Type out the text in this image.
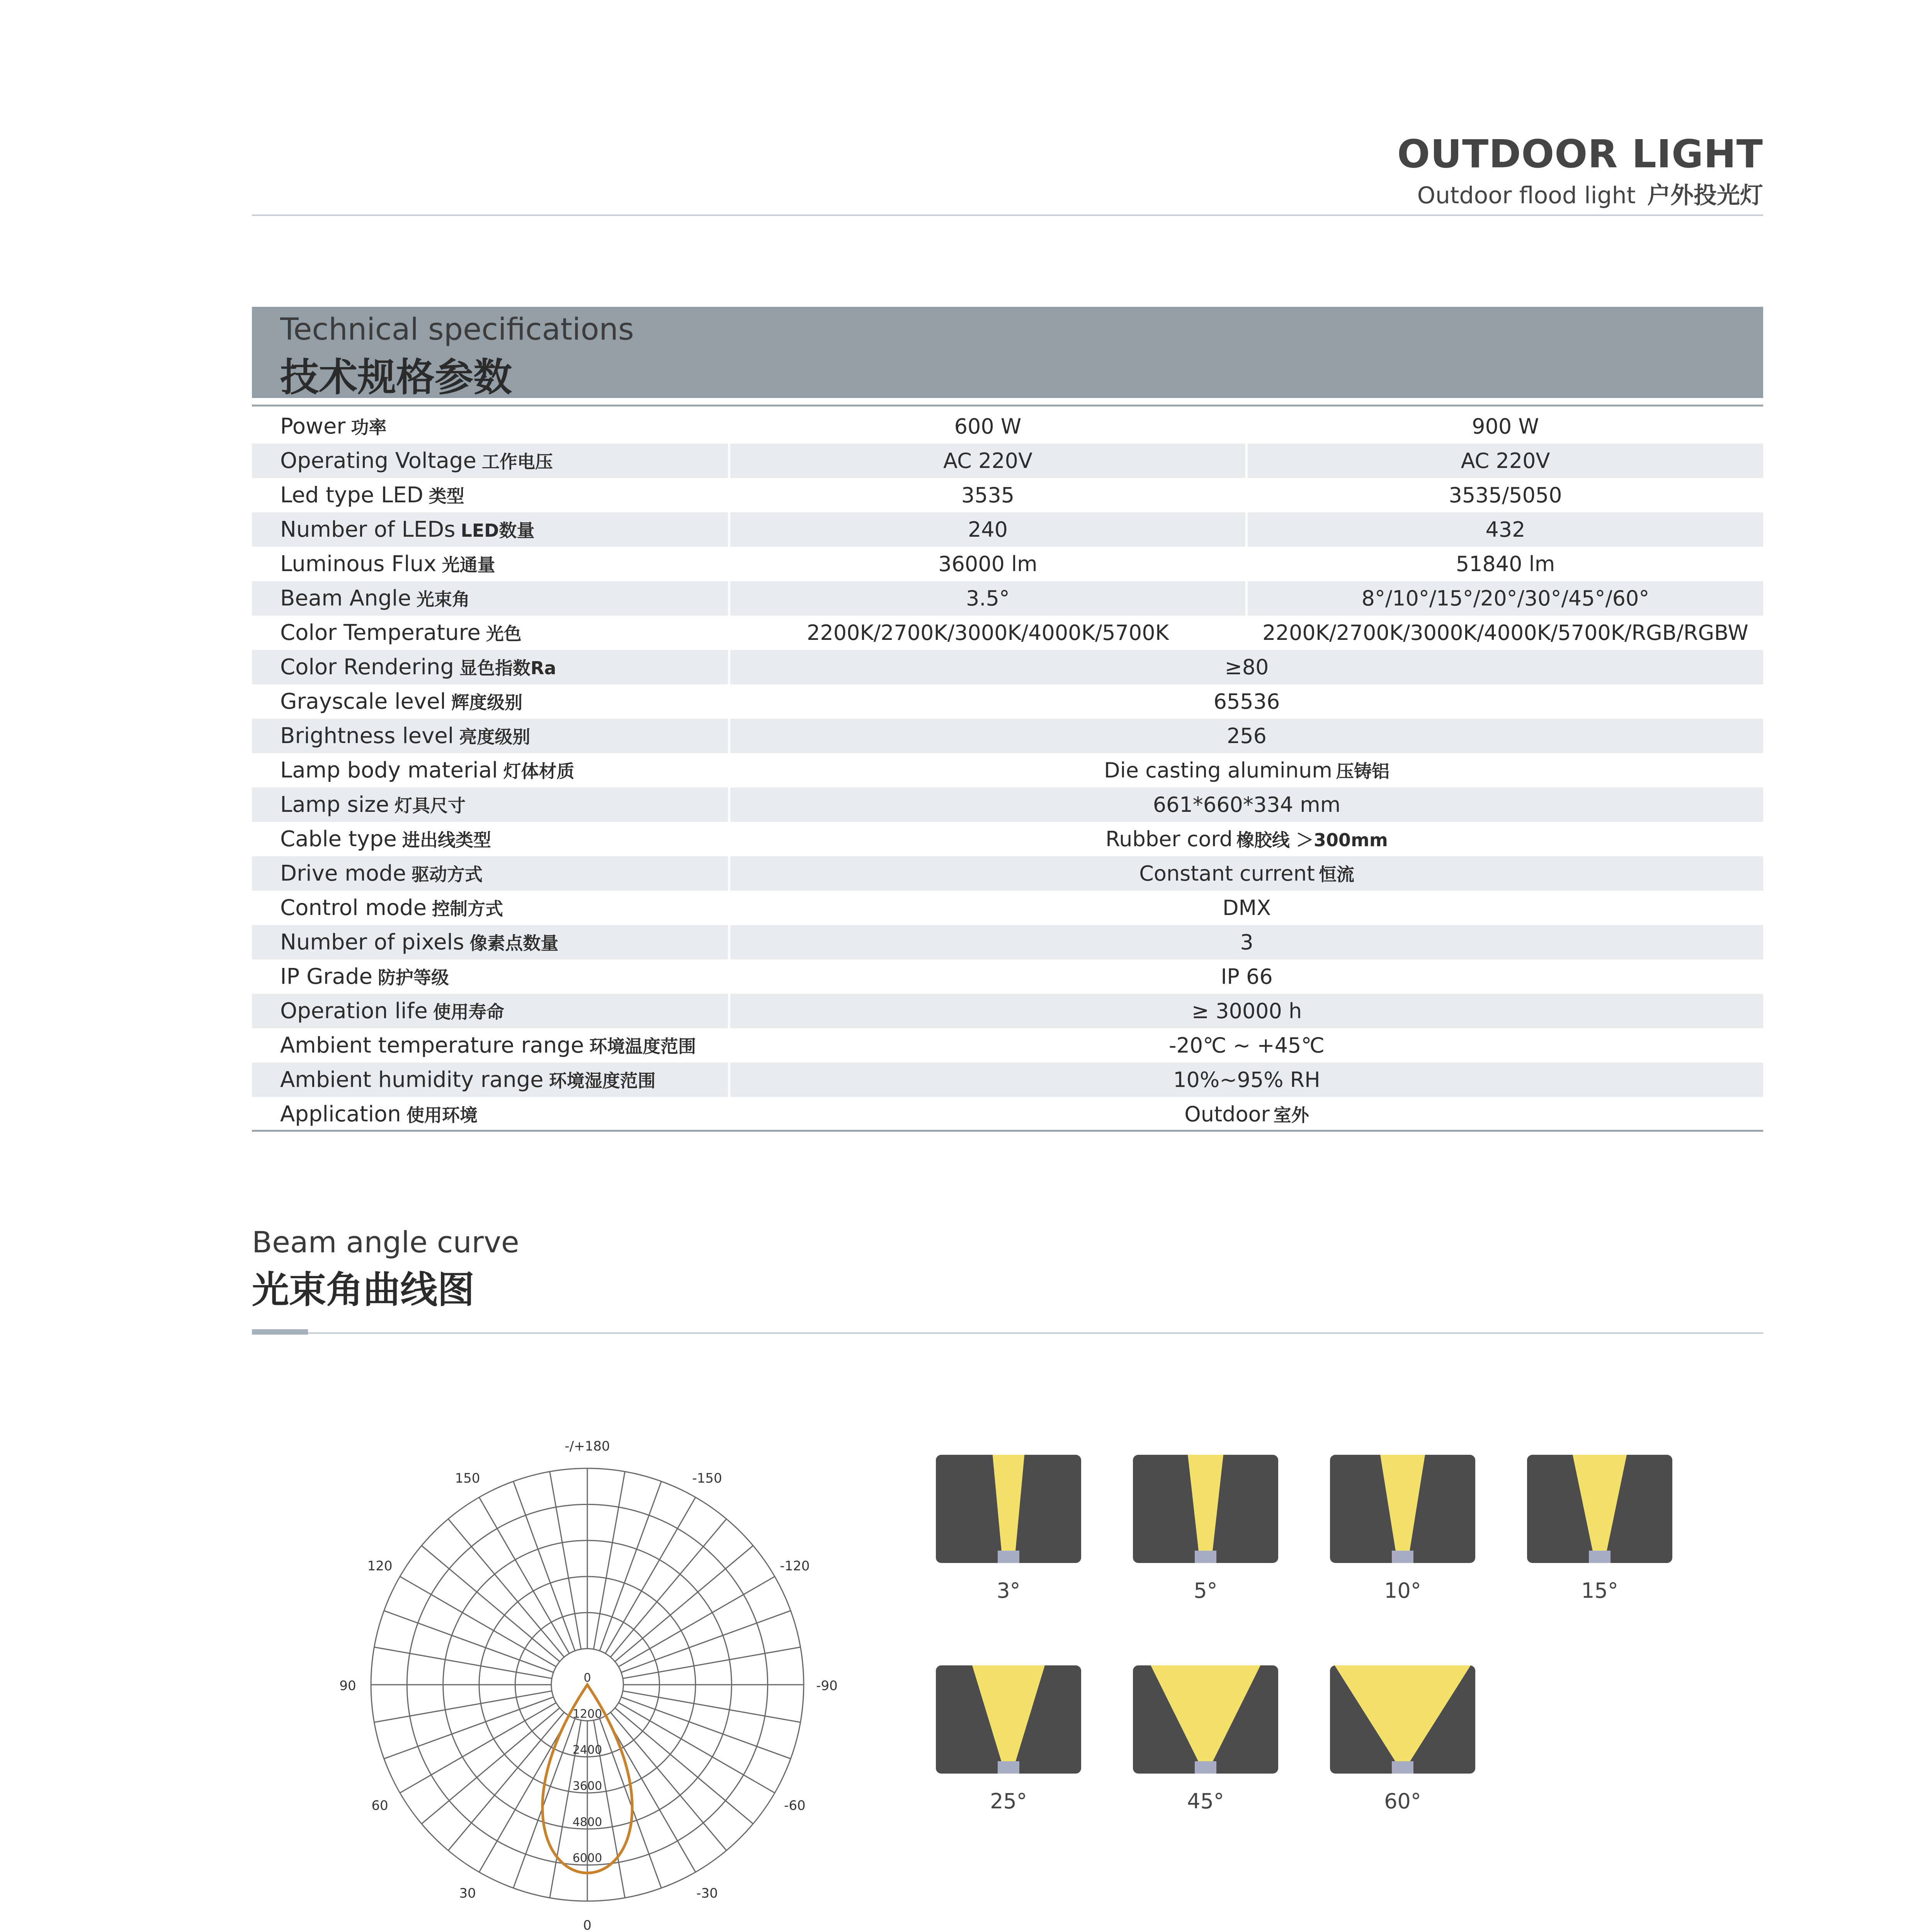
OUTDOOR LIGHT
Outdoor flood light 户外投光灯
Technical specifications
技术规格参数
Power 功率	600 W	900 W
Operating Voltage 工作电压	AC 220V	AC 220V
Led type LED 类型	3535	3535/5050
Number of LEDs LED数量	240	432
Luminous Flux 光通量	36000 lm	51840 lm
Beam Angle 光束角	3.5°	8°/10°/15°/20°/30°/45°/60°
Color Temperature 光色	2200K/2700K/3000K/4000K/5700K	2200K/2700K/3000K/4000K/5700K/RGB/RGBW
Color Rendering 显色指数Ra	≥80
Grayscale level 辉度级别	65536
Brightness level 亮度级别	256
Lamp body material 灯体材质	Die casting aluminum 压铸铝
Lamp size 灯具尺寸	661*660*334 mm
Cable type 进出线类型	Rubber cord 橡胶线 ＞300mm
Drive mode 驱动方式	Constant current 恒流
Control mode 控制方式	DMX
Number of pixels 像素点数量	3
IP Grade 防护等级	IP 66
Operation life 使用寿命	≥ 30000 h
Ambient temperature range 环境温度范围	-20℃ ~ +45℃
Ambient humidity range 环境湿度范围	10%~95% RH
Application 使用环境	Outdoor 室外
Beam angle curve
光束角曲线图
-/+180
-150
150
-120
120
-90
90
-60
60
-30
30
0
0
1200
2400
3600
4800
6000
3°	5°	10°	15°
25°	45°	60°
